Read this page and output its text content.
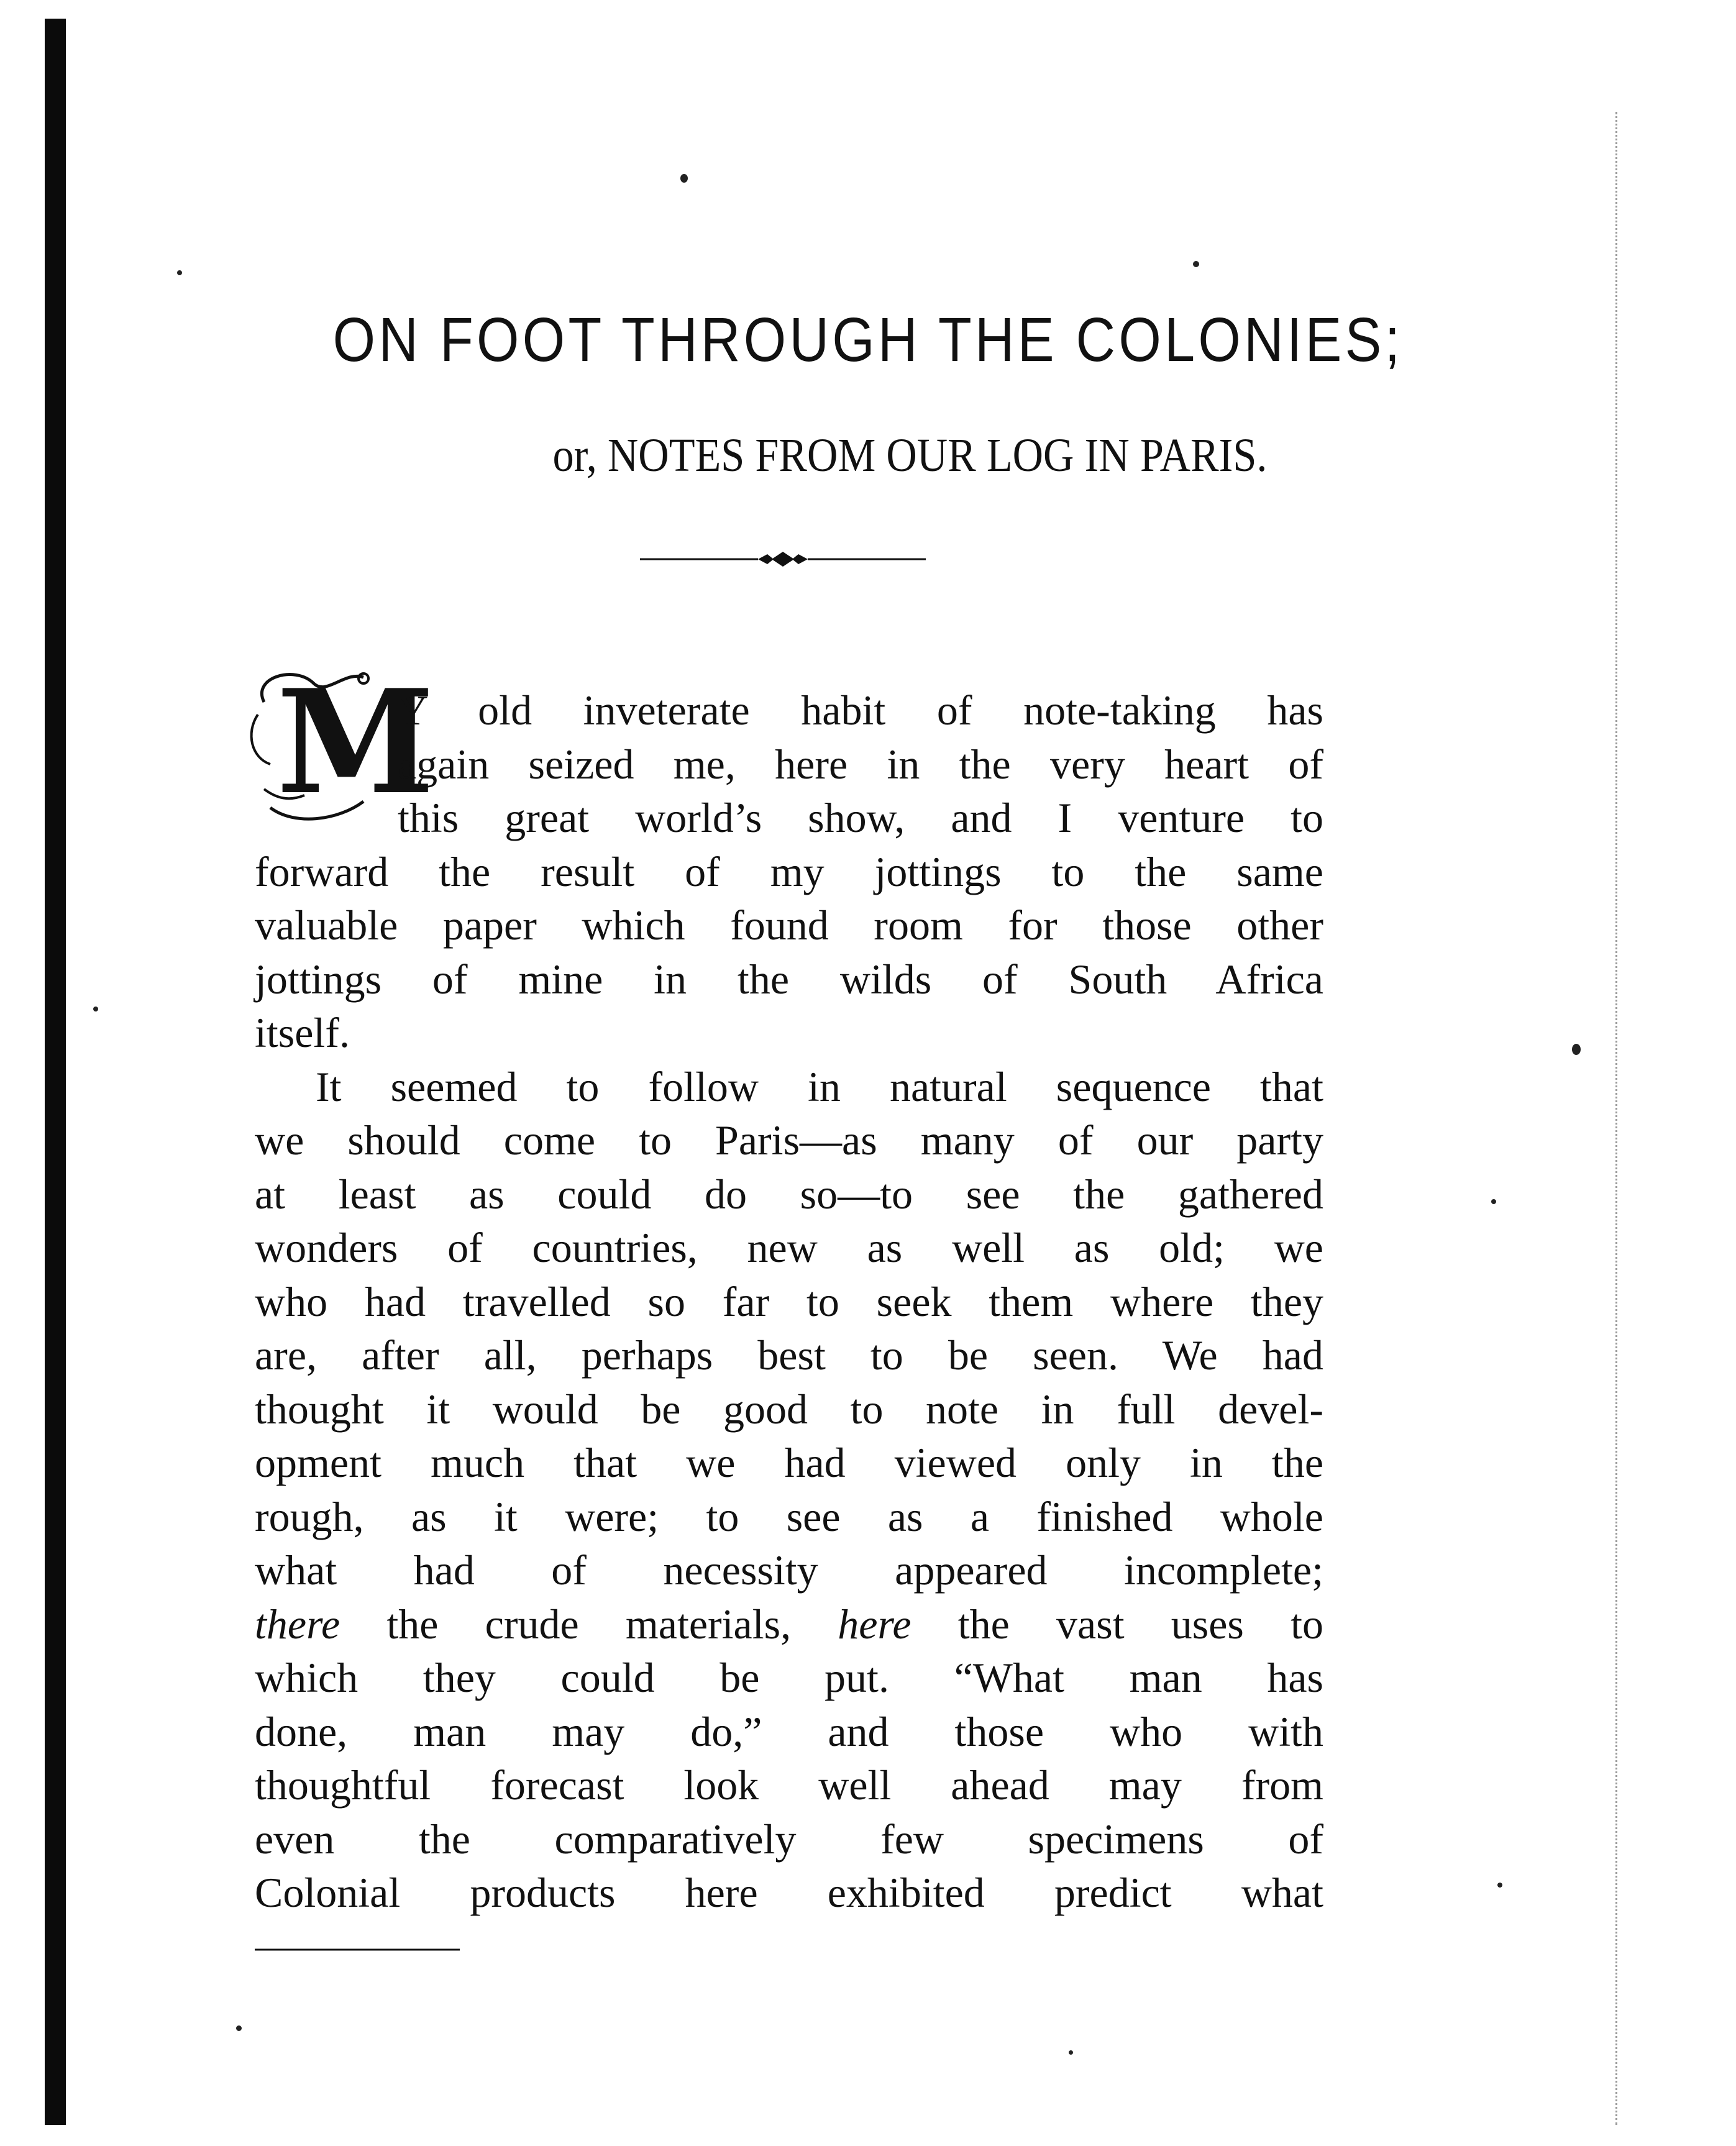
ON FOOT THROUGH THE COLONIES;
or, NOTES FROM OUR LOG IN PARIS.
M
Y old inveterate habit of note-taking has
again seized me, here in the very heart of
this great world’s show, and I venture to
forward the result of my jottings to the same
valuable paper which found room for those other
jottings of mine in the wilds of South Africa
itself.
It seemed to follow in natural sequence that
we should come to Paris—as many of our party
at least as could do so—to see the gathered
wonders of countries, new as well as old; we
who had travelled so far to seek them where they
are, after all, perhaps best to be seen. We had
thought it would be good to note in full devel-
opment much that we had viewed only in the
rough, as it were; to see as a finished whole
what had of necessity appeared incomplete;
there the crude materials, here the vast uses to
which they could be put. “What man has
done, man may do,” and those who with
thoughtful forecast look well ahead may from
even the comparatively few specimens of
Colonial products here exhibited predict what
